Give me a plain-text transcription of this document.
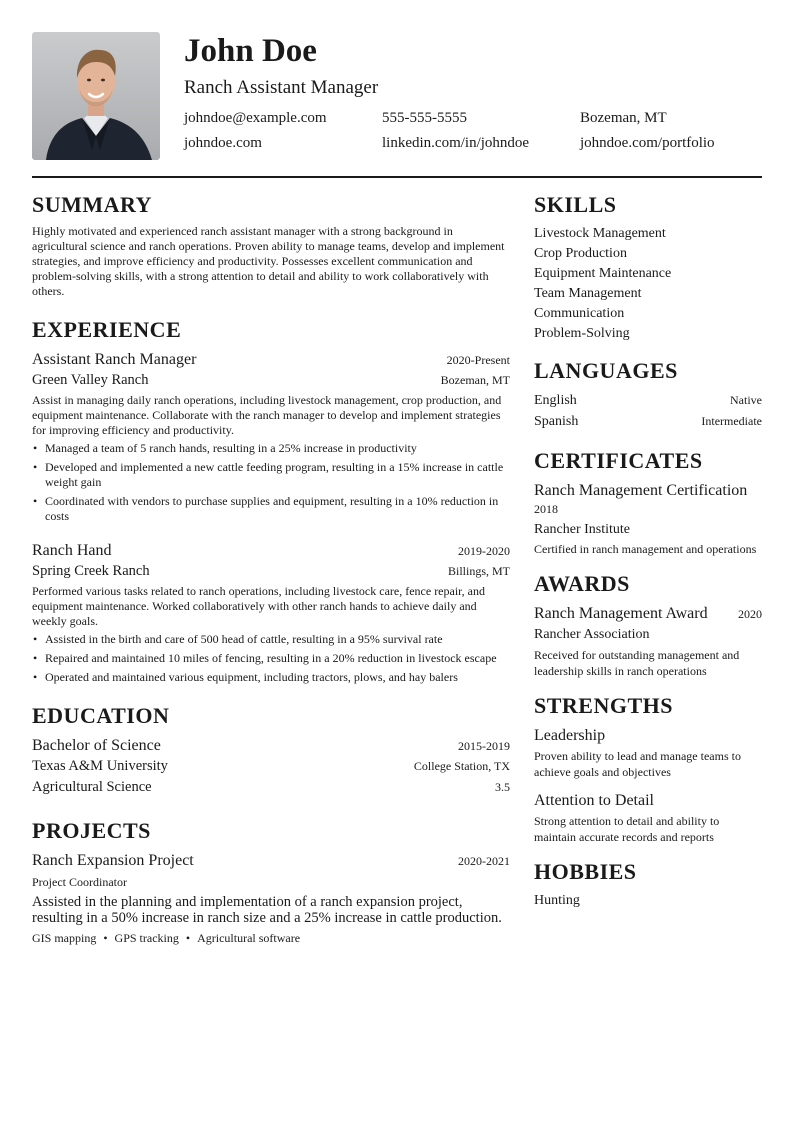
John Doe
Ranch Assistant Manager
johndoe@example.com	555-555-5555	Bozeman, MT
johndoe.com	linkedin.com/in/johndoe	johndoe.com/portfolio
SUMMARY

Highly motivated and experienced ranch assistant manager with a strong background in agricultural science and ranch operations. Proven ability to manage teams, develop and implement strategies, and improve efficiency and productivity. Possesses excellent communication and problem-solving skills, with a strong attention to detail and ability to work collaboratively with others.

EXPERIENCE
Assistant Ranch Manager	2020-Present
Green Valley Ranch	Bozeman, MT

Assist in managing daily ranch operations, including livestock management, crop production, and equipment maintenance. Collaborate with the ranch manager to develop and implement strategies for improving efficiency and productivity.

• Managed a team of 5 ranch hands, resulting in a 25% increase in productivity
• Developed and implemented a new cattle feeding program, resulting in a 15% increase in cattle weight gain
• Coordinated with vendors to purchase supplies and equipment, resulting in a 10% reduction in costs
Ranch Hand	2019-2020
Spring Creek Ranch	Billings, MT

Performed various tasks related to ranch operations, including livestock care, fence repair, and equipment maintenance. Worked collaboratively with other ranch hands to achieve daily and weekly goals.

• Assisted in the birth and care of 500 head of cattle, resulting in a 95% survival rate
• Repaired and maintained 10 miles of fencing, resulting in a 20% reduction in livestock escape
• Operated and maintained various equipment, including tractors, plows, and hay balers
EDUCATION
Bachelor of Science	2015-2019
Texas A&M University	College Station, TX
Agricultural Science	3.5
PROJECTS
Ranch Expansion Project	2020-2021
Project Coordinator

Assisted in the planning and implementation of a ranch expansion project, resulting in a 50% increase in ranch size and a 25% increase in cattle production.

GIS mapping • GPS tracking • Agricultural software
SKILLS
Livestock Management
Crop Production
Equipment Maintenance
Team Management
Communication
Problem-Solving
LANGUAGES
English	Native
Spanish	Intermediate
CERTIFICATES
Ranch Management Certification
2018
Rancher Institute
Certified in ranch management and operations
AWARDS
Ranch Management Award	2020
Rancher Association
Received for outstanding management and leadership skills in ranch operations
STRENGTHS
Leadership
Proven ability to lead and manage teams to achieve goals and objectives
Attention to Detail
Strong attention to detail and ability to maintain accurate records and reports
HOBBIES
Hunting
